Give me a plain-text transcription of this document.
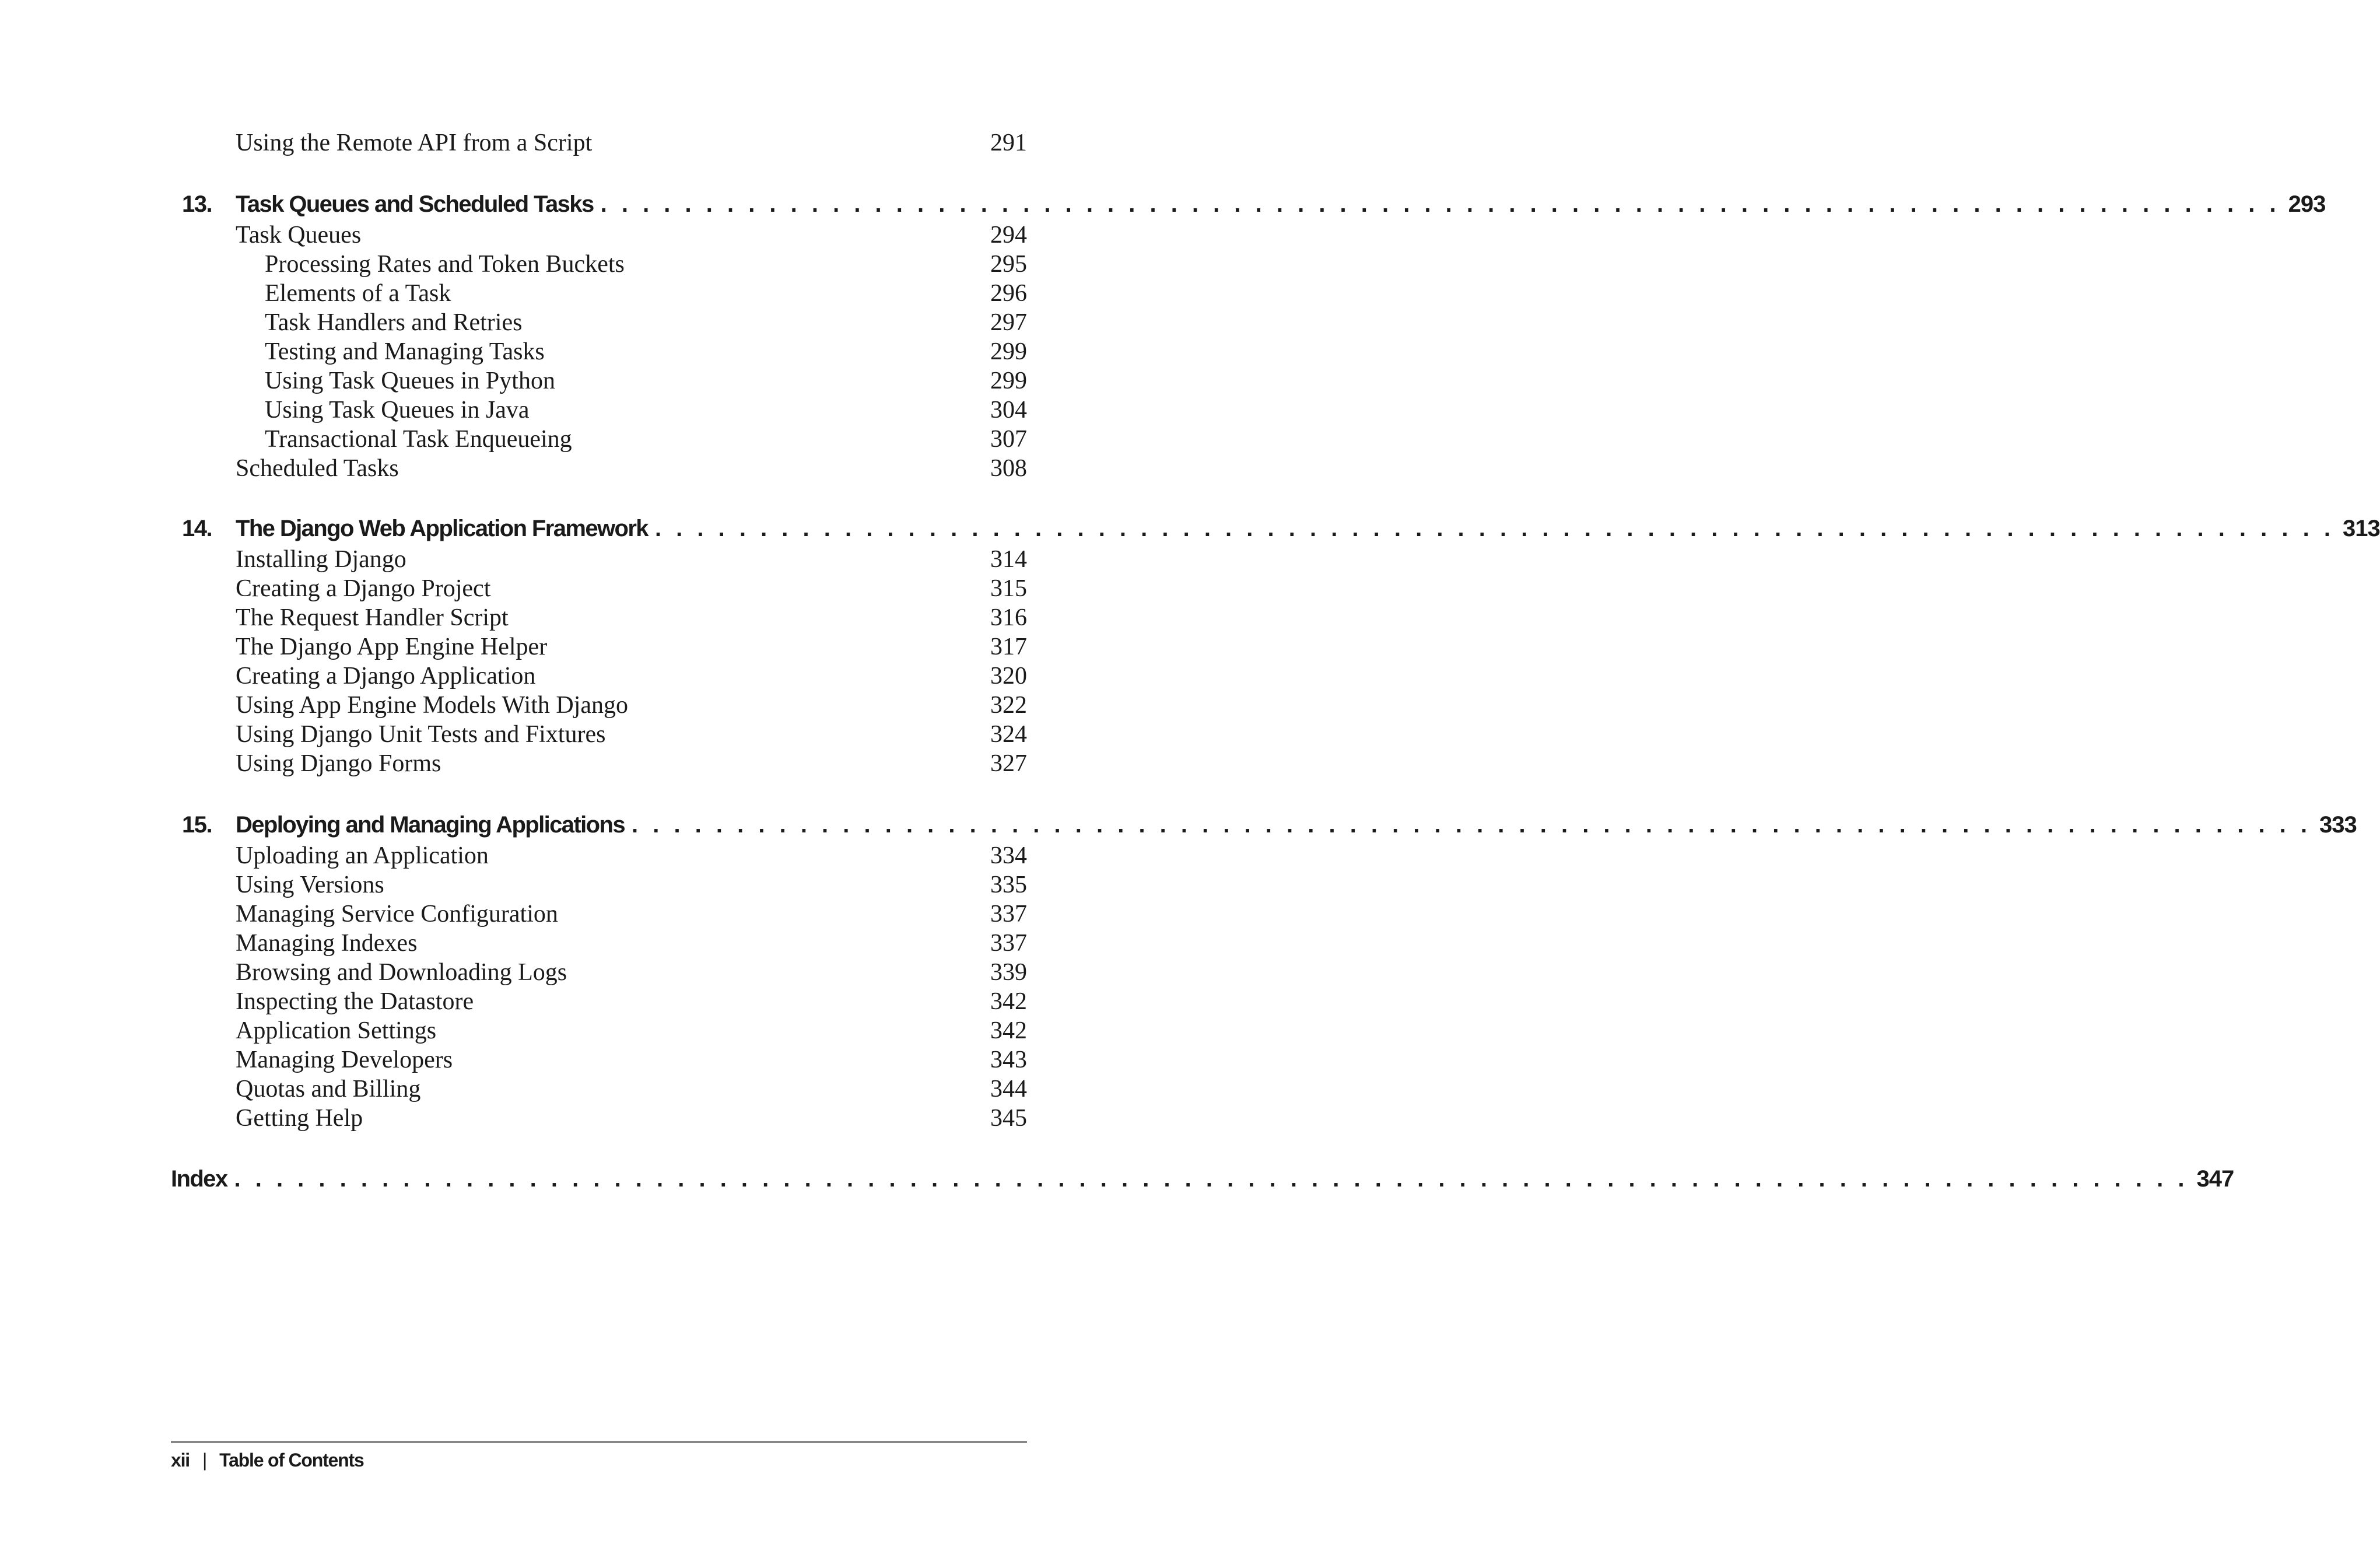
Using the Remote API from a Script	291
13. Task Queues and Scheduled Tasks . . . . . . . . . . . . . . . . . . . . . . . . . . . . . . . . . . . . . . . . . . . . . . . . . . . . . . . . . . . . . . . . . . . . . . . . . . . . . . . . 293
Task Queues	294
Processing Rates and Token Buckets	295
Elements of a Task	296
Task Handlers and Retries	297
Testing and Managing Tasks	299
Using Task Queues in Python	299
Using Task Queues in Java	304
Transactional Task Enqueueing	307
Scheduled Tasks	308
14. The Django Web Application Framework . . . . . . . . . . . . . . . . . . . . . . . . . . . . . . . . . . . . . . . . . . . . . . . . . . . . . . . . . . . . . . . . . . . . . . . . . . . . . . . . 313
Installing Django	314
Creating a Django Project	315
The Request Handler Script	316
The Django App Engine Helper	317
Creating a Django Application	320
Using App Engine Models With Django	322
Using Django Unit Tests and Fixtures	324
Using Django Forms	327
15. Deploying and Managing Applications . . . . . . . . . . . . . . . . . . . . . . . . . . . . . . . . . . . . . . . . . . . . . . . . . . . . . . . . . . . . . . . . . . . . . . . . . . . . . . . . 333
Uploading an Application	334
Using Versions	335
Managing Service Configuration	337
Managing Indexes	337
Browsing and Downloading Logs	339
Inspecting the Datastore	342
Application Settings	342
Managing Developers	343
Quotas and Billing	344
Getting Help	345
Index . . . . . . . . . . . . . . . . . . . . . . . . . . . . . . . . . . . . . . . . . . . . . . . . . . . . . . . . . . . . . . . . . . . . . . . . . . . . . . . . . . . . . . . . . . . . . 347
xii | Table of Contents
